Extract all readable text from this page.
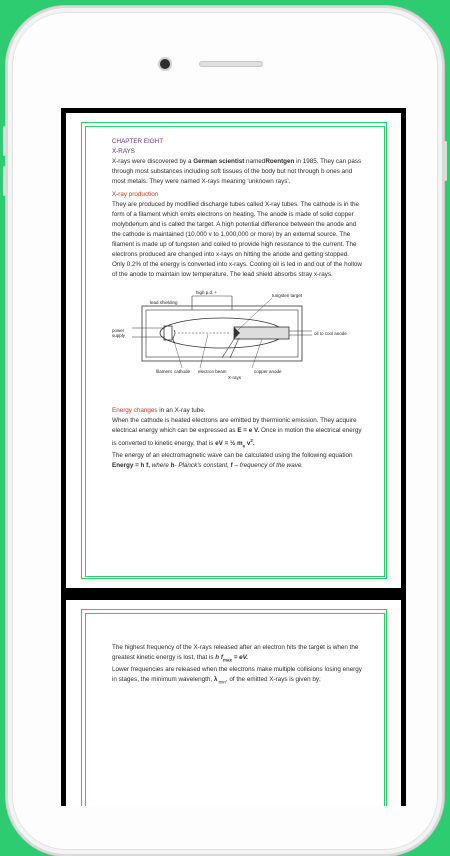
CHAPTER EIGHT

X-RAYS

X-rays were discovered by a German scientist namedRoentgen in 1985. They can pass through most substances including soft tissues of the body but not through b ones and most metals. They were named X-rays meaning 'unknown rays'.

X-ray production

They are produced by modified discharge tubes called X-ray tubes. The cathode is in the form of a filament which emits electrons on heating. The anode is made of solid copper molybdenum and is called the target. A high potential difference between the anode and the cathode is maintained (10,000 v to 1,000,000 or more) by an external source. The filament is made up of tungsten and coiled to provide high resistance to the current. The electrons produced are changed into x-rays on hitting the anode and getting stopped. Only 0.2% of the energy is converted into x-rays. Cooling oil is led in and out of the hollow of the anode to maintain low temperature. The lead shield absorbs stray x-rays.

high p.d. +
tungsten target
lead shielding
power supply	oil to cool anode
filament cathode electron beam	copper anode
X-rays

Energy changes in an X-ray tube.

When the cathode is heated electrons are emitted by thermionic emission. They acquire electrical energy which can be expressed as E = e V. Once in motion the electrical energy is converted to kinetic energy, that is eV = ½ $m_e$ $v^2$.

The energy of an electromagnetic wave can be calculated using the following equation

Energy = h f, where h- Planck's constant, f – frequency of the wave.

The highest frequency of the X-rays released after an electron hits the target is when the greatest kinetic energy is lost, that is h $f_{max}$ = eV.

Lower frequencies are released when the electrons make multiple collisions losing energy in stages, the minimum wavelength, λ $_{min}$, of the emitted X-rays is given by;
